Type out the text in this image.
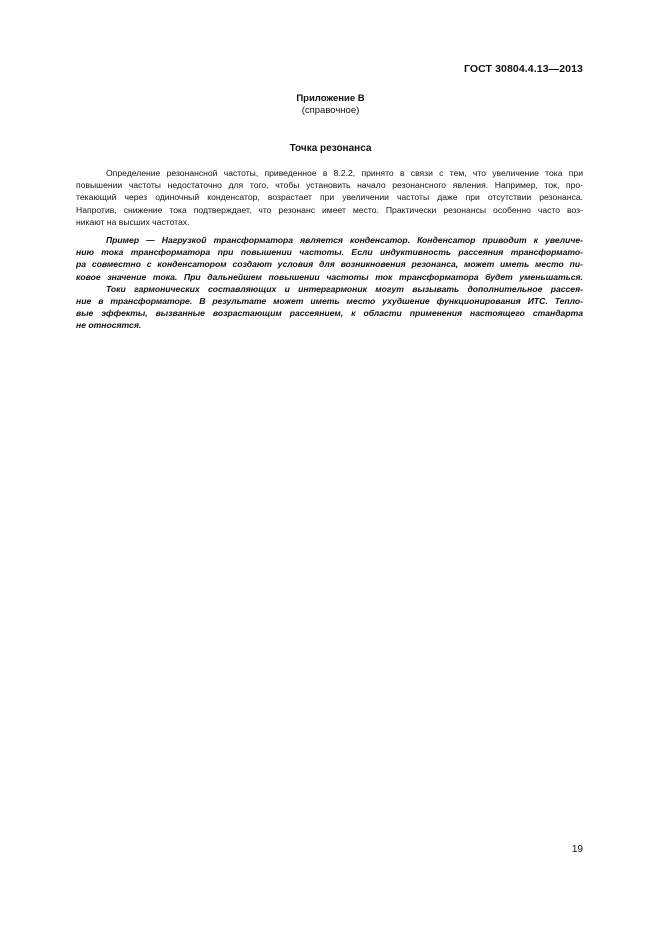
ГОСТ 30804.4.13—2013
Приложение В
(справочное)
Точка резонанса

Определение резонансной частоты, приведенное в 8.2.2, принято в связи с тем, что увеличение тока при
повышении частоты недостаточно для того, чтобы установить начало резонансного явления. Например, ток, про-
текающий через одиночный конденсатор, возрастает при увеличении частоты даже при отсутствии резонанса.
Напротив, снижение тока подтверждает, что резонанс имеет место. Практически резонансы особенно часто воз-
никают на высших частотах.

Пример — Нагрузкой трансформатора является конденсатор. Конденсатор приводит к увеличе-
нию тока трансформатора при повышении частоты. Если индуктивность рассеяния трансформато-
ра совместно с конденсатором создают условия для возникновения резонанса, может иметь место пи-
ковое значение тока. При дальнейшем повышении частоты ток трансформатора будет уменьшаться.

Токи гармонических составляющих и интергармоник могут вызывать дополнительное рассея-
ние в трансформаторе. В результате может иметь место ухудшение функционирования ИТС. Тепло-
вые эффекты, вызванные возрастающим рассеянием, к области применения настоящего стандарта
не относятся.

19
